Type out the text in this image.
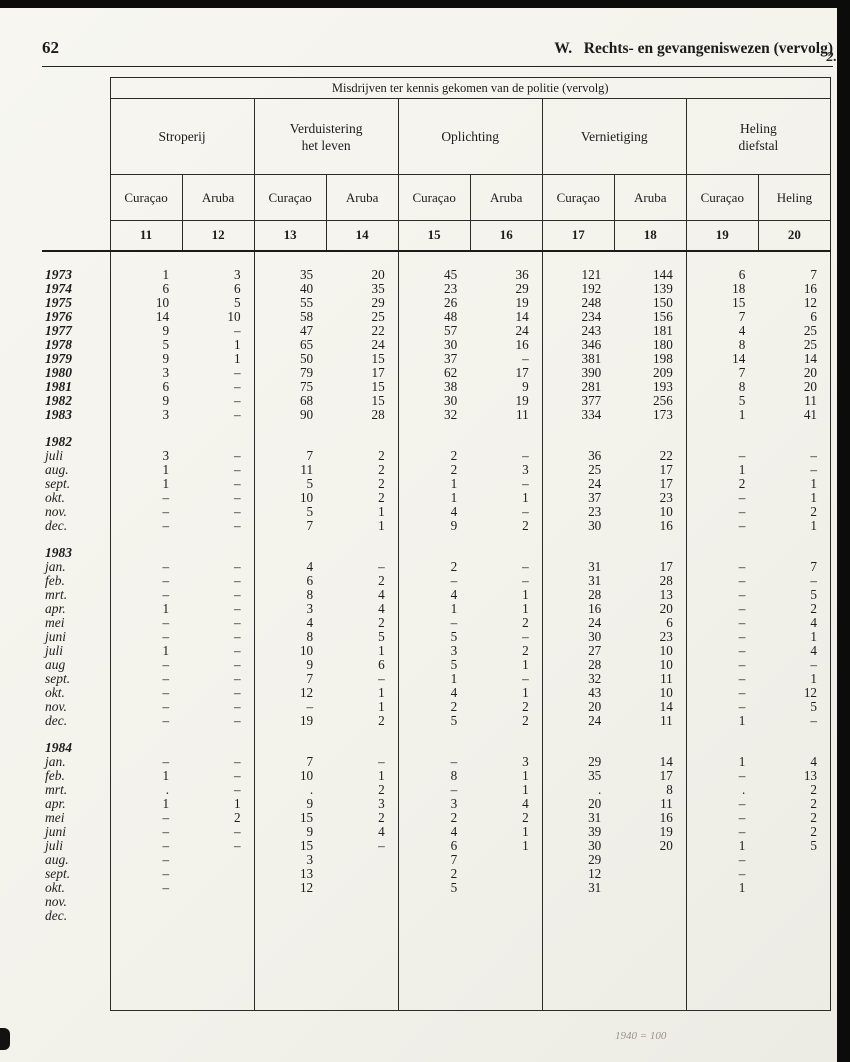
62	W.   Rechts- en gevangeniswezen (vervolg)
2.
	Misdrijven ter kennis gekomen van de politie (vervolg)									

Stroperij

Verduistering
het leven

Oplichting	Vernietiging

Heling
diefstal

	Curaçao	Aruba	Curaçao	Aruba	Curaçao	Aruba	Curaçao	Aruba	Curaçao	Heling
	11	12	13	14	15	16	17	18	19	20

1973	1	3	35	20	45	36	121	144	6	7
1974	6	6	40	35	23	29	192	139	18	16
1975	10	5	55	29	26	19	248	150	15	12
1976	14	10	58	25	48	14	234	156	7	6
1977	9	–	47	22	57	24	243	181	4	25
1978	5	1	65	24	30	16	346	180	8	25
1979	9	1	50	15	37	–	381	198	14	14
1980	3	–	79	17	62	17	390	209	7	20
1981	6	–	75	15	38	9	281	193	8	20
1982	9	–	68	15	30	19	377	256	5	11
1983	3	–	90	28	32	11	334	173	1	41

1982										
juli	3	–	7	2	2	–	36	22	–	–
aug.	1	–	11	2	2	3	25	17	1	–
sept.	1	–	5	2	1	–	24	17	2	1
okt.	–	–	10	2	1	1	37	23	–	1
nov.	–	–	5	1	4	–	23	10	–	2
dec.	–	–	7	1	9	2	30	16	–	1

1983										
jan.	–	–	4	–	2	–	31	17	–	7
feb.	–	–	6	2	–	–	31	28	–	–
mrt.	–	–	8	4	4	1	28	13	–	5
apr.	1	–	3	4	1	1	16	20	–	2
mei	–	–	4	2	–	2	24	6	–	4
juni	–	–	8	5	5	–	30	23	–	1
juli	1	–	10	1	3	2	27	10	–	4
aug	–	–	9	6	5	1	28	10	–	–
sept.	–	–	7	–	1	–	32	11	–	1
okt.	–	–	12	1	4	1	43	10	–	12
nov.	–	–	–	1	2	2	20	14	–	5
dec.	–	–	19	2	5	2	24	11	1	–

1984										
jan.	–	–	7	–	–	3	29	14	1	4
feb.	1	–	10	1	8	1	35	17	–	13
mrt.	.	–	.	2	–	1	.	8	.	2
apr.	1	1	9	3	3	4	20	11	–	2
mei	–	2	15	2	2	2	31	16	–	2
juni	–	–	9	4	4	1	39	19	–	2
juli	–	–	15	–	6	1	30	20	1	5
aug.	–		3		7		29		–	
sept.	–		13		2		12		–	
okt.	–		12		5		31		1	
nov.										
dec.										

1940 = 100
